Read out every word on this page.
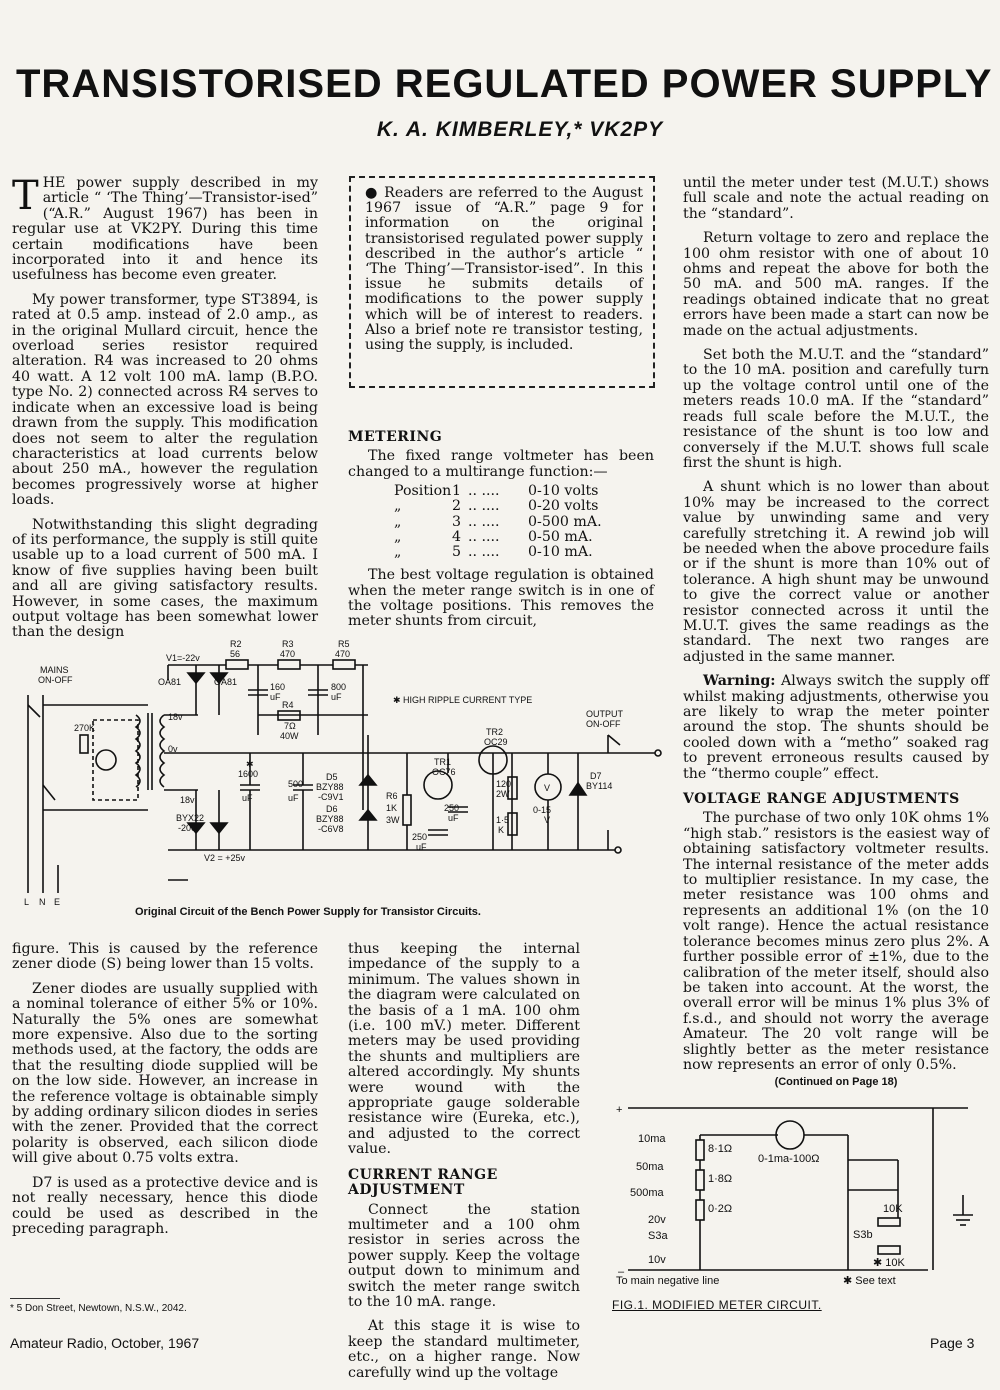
TRANSISTORISED REGULATED POWER SUPPLY
K. A. KIMBERLEY,* VK2PY

THE power supply described in my article “ ‘The Thing’—Transistor-ised” (“A.R.” August 1967) has been in regular use at VK2PY. During this time certain modifications have been incorporated into it and hence its usefulness has become even greater.

My power transformer, type ST3894, is rated at 0.5 amp. instead of 2.0 amp., as in the original Mullard circuit, hence the overload series resistor required alteration. R4 was increased to 20 ohms 40 watt. A 12 volt 100 mA. lamp (B.P.O. type No. 2) connected across R4 serves to indicate when an excessive load is being drawn from the supply. This modification does not seem to alter the regulation characteristics at load currents below about 250 mA., however the regulation becomes progressively worse at higher loads.

Notwithstanding this slight degrading of its performance, the supply is still quite usable up to a load current of 500 mA. I know of five supplies having been built and all are giving satisfactory results. However, in some cases, the maximum output voltage has been somewhat lower than the design

● Readers are referred to the August 1967 issue of “A.R.” page 9 for information on the original transistorised regulated power supply described in the author’s article “ ‘The Thing’—Transistor-ised”. In this issue he submits details of modifications to the power supply which will be of interest to readers. Also a brief note re transistor testing, using the supply, is included.
METERING

The fixed range voltmeter has been changed to a multirange function:—

Position1 .. .... 0-10 volts
„	2 .. .... 0-20 volts
„	3 .. .... 0-500 mA.
„	4 .. .... 0-50 mA.
„	5 .. .... 0-10 mA.

The best voltage regulation is obtained when the meter range switch is in one of the voltage positions. This removes the meter shunts from circuit,

until the meter under test (M.U.T.) shows full scale and note the actual reading on the “standard”.

Return voltage to zero and replace the 100 ohm resistor with one of about 10 ohms and repeat the above for both the 50 mA. and 500 mA. ranges. If the readings obtained indicate that no great errors have been made a start can now be made on the actual adjustments.

Set both the M.U.T. and the “standard” to the 10 mA. position and carefully turn up the voltage control until one of the meters reads 10.0 mA. If the “standard” reads full scale before the M.U.T., the resistance of the shunt is too low and conversely if the M.U.T. shows full scale first the shunt is high.

A shunt which is no lower than about 10% may be increased to the correct value by unwinding same and very carefully stretching it. A rewind job will be needed when the above procedure fails or if the shunt is more than 10% out of tolerance. A high shunt may be unwound to give the correct value or another resistor connected across it until the M.U.T. gives the same readings as the standard. The next two ranges are adjusted in the same manner.

Warning: Always switch the supply off whilst making adjustments, otherwise you are likely to wrap the meter pointer around the stop. The shunts should be cooled down with a “metho” soaked rag to prevent erroneous results caused by the “thermo couple” effect.

VOLTAGE RANGE ADJUSTMENTS

The purchase of two only 10K ohms 1% “high stab.” resistors is the easiest way of obtaining satisfactory voltmeter results. The internal resistance of the meter adds to multiplier resistance. In my case, the meter resistance was 100 ohms and represents an additional 1% (on the 10 volt range). Hence the actual resistance tolerance becomes minus zero plus 2%. A further possible error of ±1%, due to the calibration of the meter itself, should also be taken into account. At the worst, the overall error will be minus 1% plus 3% of f.s.d., and should not worry the average Amateur. The 20 volt range will be slightly better as the meter resistance now represents an error of only 0.5%.

(Continued on Page 18)
MAINS
ON-OFF
V1=-22v
R2
56
R3
470
R5
470
OA81	OA81	160
uF
800
uF
R4
7Ω
40W
✱ HIGH RIPPLE CURRENT TYPE
TR2
OC29
TR1
OC76
OUTPUT
ON-OFF
270K
18v
0v
18v
BYX22
-200
✱
1600
uF
500
uF
D5
BZY88
-C9V1
D6
BZY88
-C6V8
R6
1K
3W
250
uF
250
uF
120
2W
1·5
K
V
0-15
V
D7
BY114
V2 = +25v
L N E
Original Circuit of the Bench Power Supply for Transistor Circuits.

figure. This is caused by the reference zener diode (S) being lower than 15 volts.

Zener diodes are usually supplied with a nominal tolerance of either 5% or 10%. Naturally the 5% ones are somewhat more expensive. Also due to the sorting methods used, at the factory, the odds are that the resulting diode supplied will be on the low side. However, an increase in the reference voltage is obtainable simply by adding ordinary silicon diodes in series with the zener. Provided that the correct polarity is observed, each silicon diode will give about 0.75 volts extra.

D7 is used as a protective device and is not really necessary, hence this diode could be used as described in the preceding paragraph.

* 5 Don Street, Newtown, N.S.W., 2042.

thus keeping the internal impedance of the supply to a minimum. The values shown in the diagram were calculated on the basis of a 1 mA. 100 ohm (i.e. 100 mV.) meter. Different meters may be used providing the shunts and multipliers are altered accordingly. My shunts were wound with the appropriate gauge solderable resistance wire (Eureka, etc.), and adjusted to the correct value.

CURRENT RANGE ADJUSTMENT

Connect the station multimeter and a 100 ohm resistor in series across the power supply. Keep the voltage output down to minimum and switch the meter range switch to the 10 mA. range.

At this stage it is wise to keep the standard multimeter, etc., on a higher range. Now carefully wind up the voltage

+
–
10ma
50ma
500ma
20v
S3a
10v
8·1Ω
1·8Ω
0·2Ω
0-1ma-100Ω
S3b
10K
✱ 10K
To main negative line	✱ See text
FIG.1. MODIFIED METER CIRCUIT.
Amateur Radio, October, 1967	Page 3
